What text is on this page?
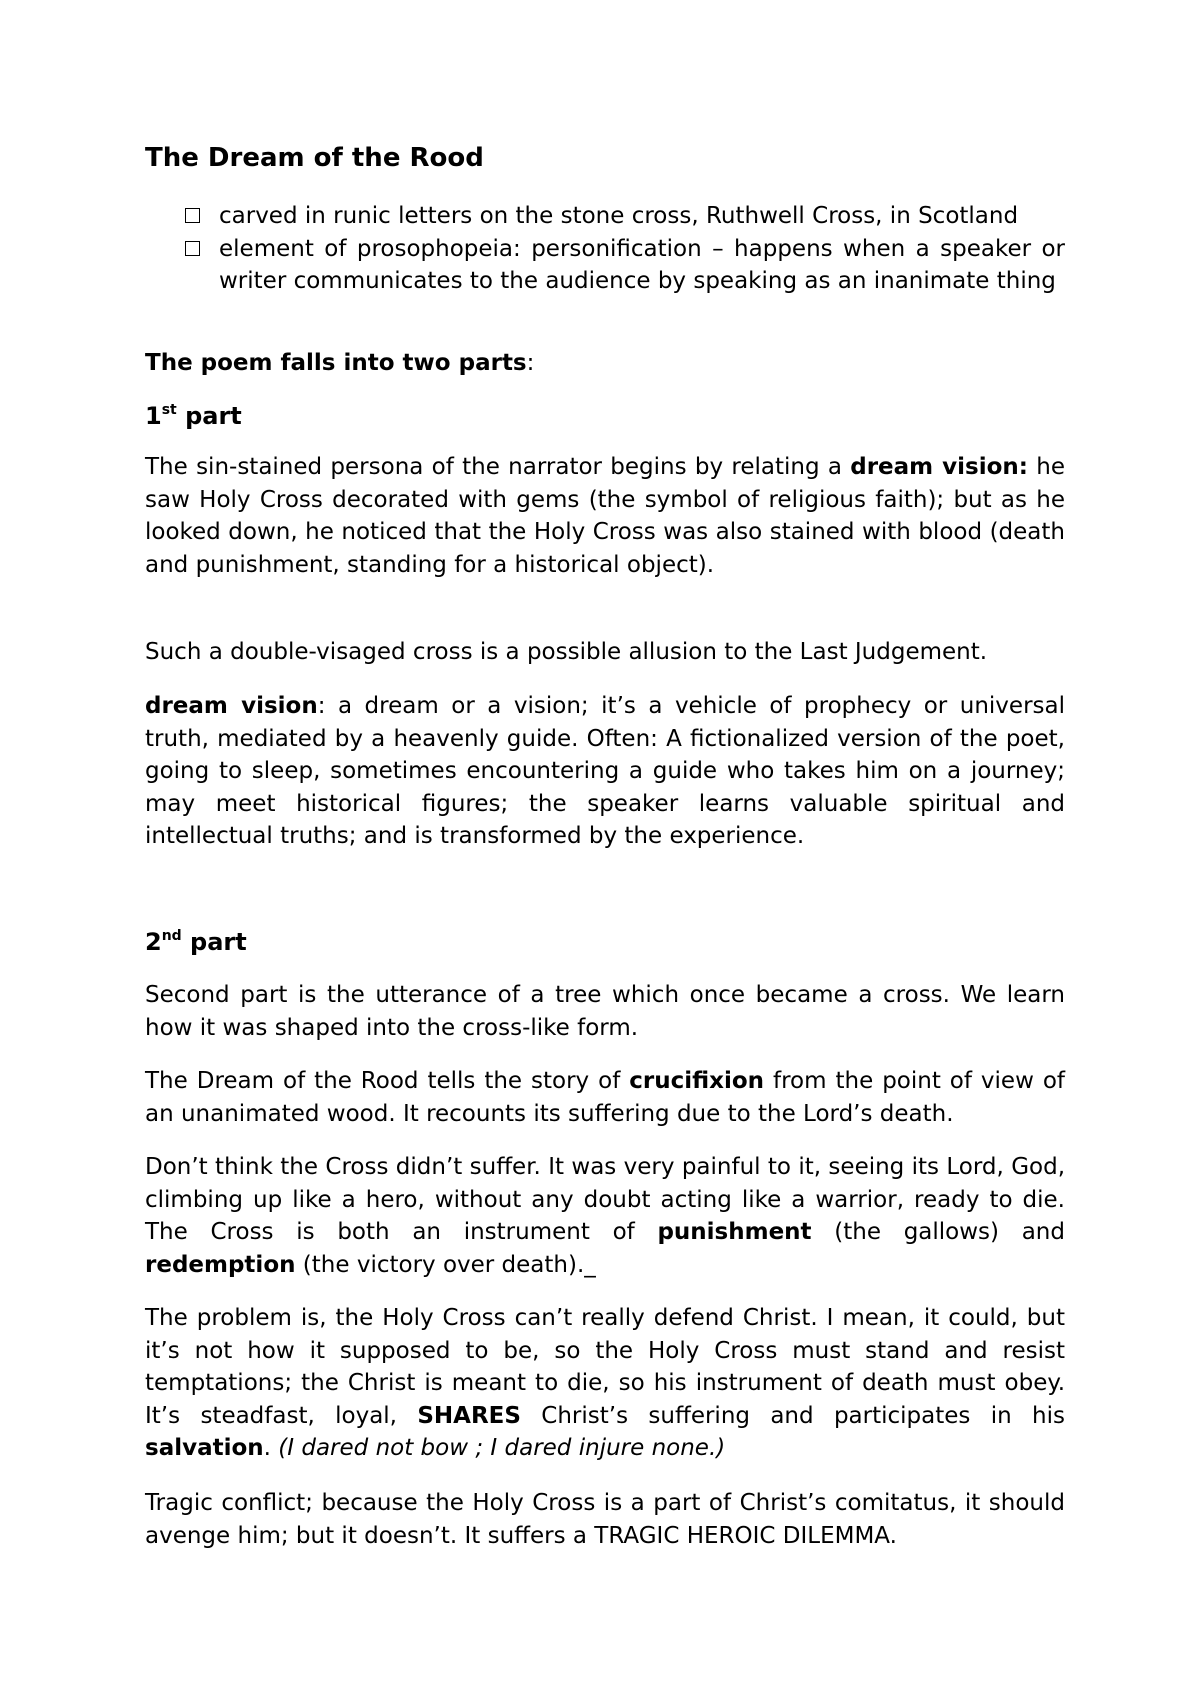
The Dream of the Rood
carved in runic letters on the stone cross, Ruthwell Cross, in Scotland
element of prosophopeia: personification – happens when a speaker or writer communicates to the audience by speaking as an inanimate thing
The poem falls into two parts:
1st part
The sin-stained persona of the narrator begins by relating a dream vision: he saw Holy Cross decorated with gems (the symbol of religious faith); but as he looked down, he noticed that the Holy Cross was also stained with blood (death and punishment, standing for a historical object).
Such a double-visaged cross is a possible allusion to the Last Judgement.
dream vision: a dream or a vision; it’s a vehicle of prophecy or universal truth, mediated by a heavenly guide. Often: A fictionalized version of the poet, going to sleep, sometimes encountering a guide who takes him on a journey; may meet historical figures; the speaker learns valuable spiritual and intellectual truths; and is transformed by the experience.
2nd part
Second part is the utterance of a tree which once became a cross. We learn how it was shaped into the cross-like form.
The Dream of the Rood tells the story of crucifixion from the point of view of an unanimated wood. It recounts its suffering due to the Lord’s death.
Don’t think the Cross didn’t suffer. It was very painful to it, seeing its Lord, God, climbing up like a hero, without any doubt acting like a warrior, ready to die. The Cross is both an instrument of punishment (the gallows) and redemption (the victory over death)._
The problem is, the Holy Cross can’t really defend Christ. I mean, it could, but it’s not how it supposed to be, so the Holy Cross must stand and resist temptations; the Christ is meant to die, so his instrument of death must obey. It’s steadfast, loyal, SHARES Christ’s suffering and participates in his salvation. (I dared not bow ; I dared injure none.)
Tragic conflict; because the Holy Cross is a part of Christ’s comitatus, it should avenge him; but it doesn’t. It suffers a TRAGIC HEROIC DILEMMA.
